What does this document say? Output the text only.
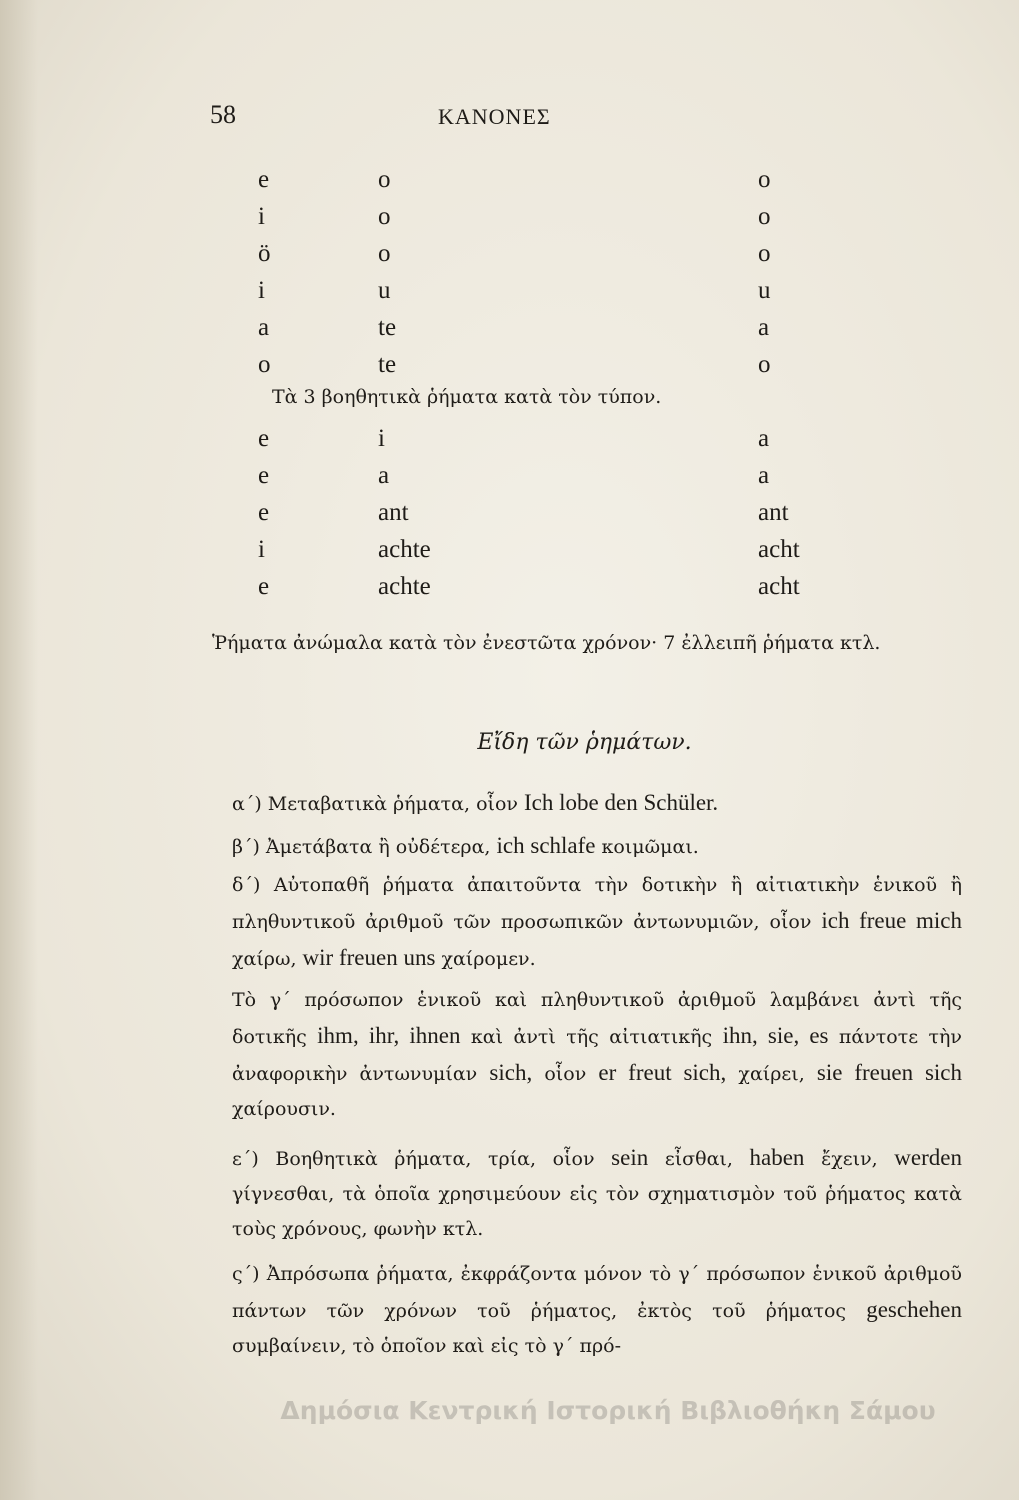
58	ΚΑΝΟΝΕΣ
e	o	o
i	o	o
ö	o	o
i	u	u
a	te	a
o	te	o
Τὰ 3 βοηθητικὰ ῥήματα κατὰ τὸν τύπον.
e	i	a
e	a	a
e	ant	ant
i	achte	acht
e	achte	acht
Ῥήματα ἀνώμαλα κατὰ τὸν ἐνεστῶτα χρόνον· 7 ἐλλειπῆ ῥήματα κτλ.
Εἴδη τῶν ῥημάτων.
α΄) Μεταβατικὰ ῥήματα, οἷον Ich lobe den Schüler.
β΄) Ἀμετάβατα ἢ οὐδέτερα, ich schlafe κοιμῶμαι.
δ΄) Αὐτοπαθῆ ῥήματα ἀπαιτοῦντα τὴν δοτικὴν ἢ αἰτιατικὴν ἑνικοῦ ἢ πληθυντικοῦ ἀριθμοῦ τῶν προσωπικῶν ἀντωνυμιῶν, οἷον ich freue mich χαίρω, wir freuen uns χαίρομεν.
Τὸ γ΄ πρόσωπον ἑνικοῦ καὶ πληθυντικοῦ ἀριθμοῦ λαμβάνει ἀντὶ τῆς δοτικῆς ihm, ihr, ihnen καὶ ἀντὶ τῆς αἰτιατικῆς ihn, sie, es πάντοτε τὴν ἀναφορικὴν ἀντωνυμίαν sich, οἷον er freut sich, χαίρει, sie freuen sich χαίρουσιν.
ε΄) Βοηθητικὰ ῥήματα, τρία, οἷον sein εἶσθαι, haben ἔχειν, werden γίγνεσθαι, τὰ ὁποῖα χρησιμεύουν εἰς τὸν σχηματισμὸν τοῦ ῥήματος κατὰ τοὺς χρόνους, φωνὴν κτλ.
ς΄) Ἀπρόσωπα ῥήματα, ἐκφράζοντα μόνον τὸ γ΄ πρόσωπον ἑνικοῦ ἀριθμοῦ πάντων τῶν χρόνων τοῦ ῥήματος, ἐκτὸς τοῦ ῥήματος geschehen συμβαίνειν, τὸ ὁποῖον καὶ εἰς τὸ γ΄ πρό-
Δημόσια Κεντρική Ιστορική Βιβλιοθήκη Σάμου
